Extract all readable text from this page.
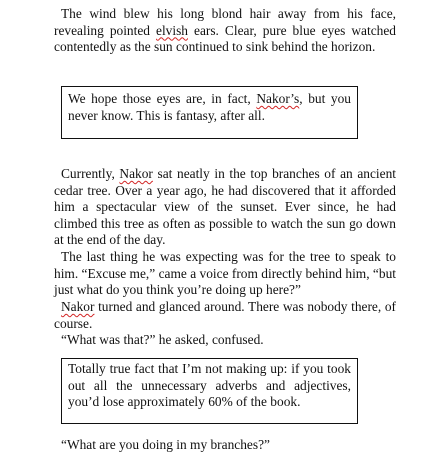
The wind blew his long blond hair away from his face, revealing pointed elvish ears. Clear, pure blue eyes watched contentedly as the sun continued to sink behind the horizon.

We hope those eyes are, in fact, Nakor’s, but you never know. This is fantasy, after all.

Currently, Nakor sat neatly in the top branches of an ancient cedar tree. Over a year ago, he had discovered that it afforded him a spectacular view of the sunset. Ever since, he had climbed this tree as often as possible to watch the sun go down at the end of the day.

The last thing he was expecting was for the tree to speak to him. “Excuse me,” came a voice from directly behind him, “but just what do you think you’re doing up here?”

Nakor turned and glanced around. There was nobody there, of course.

“What was that?” he asked, confused.

Totally true fact that I’m not making up: if you took out all the unnecessary adverbs and adjectives, you’d lose approximately 60% of the book.

“What are you doing in my branches?”
